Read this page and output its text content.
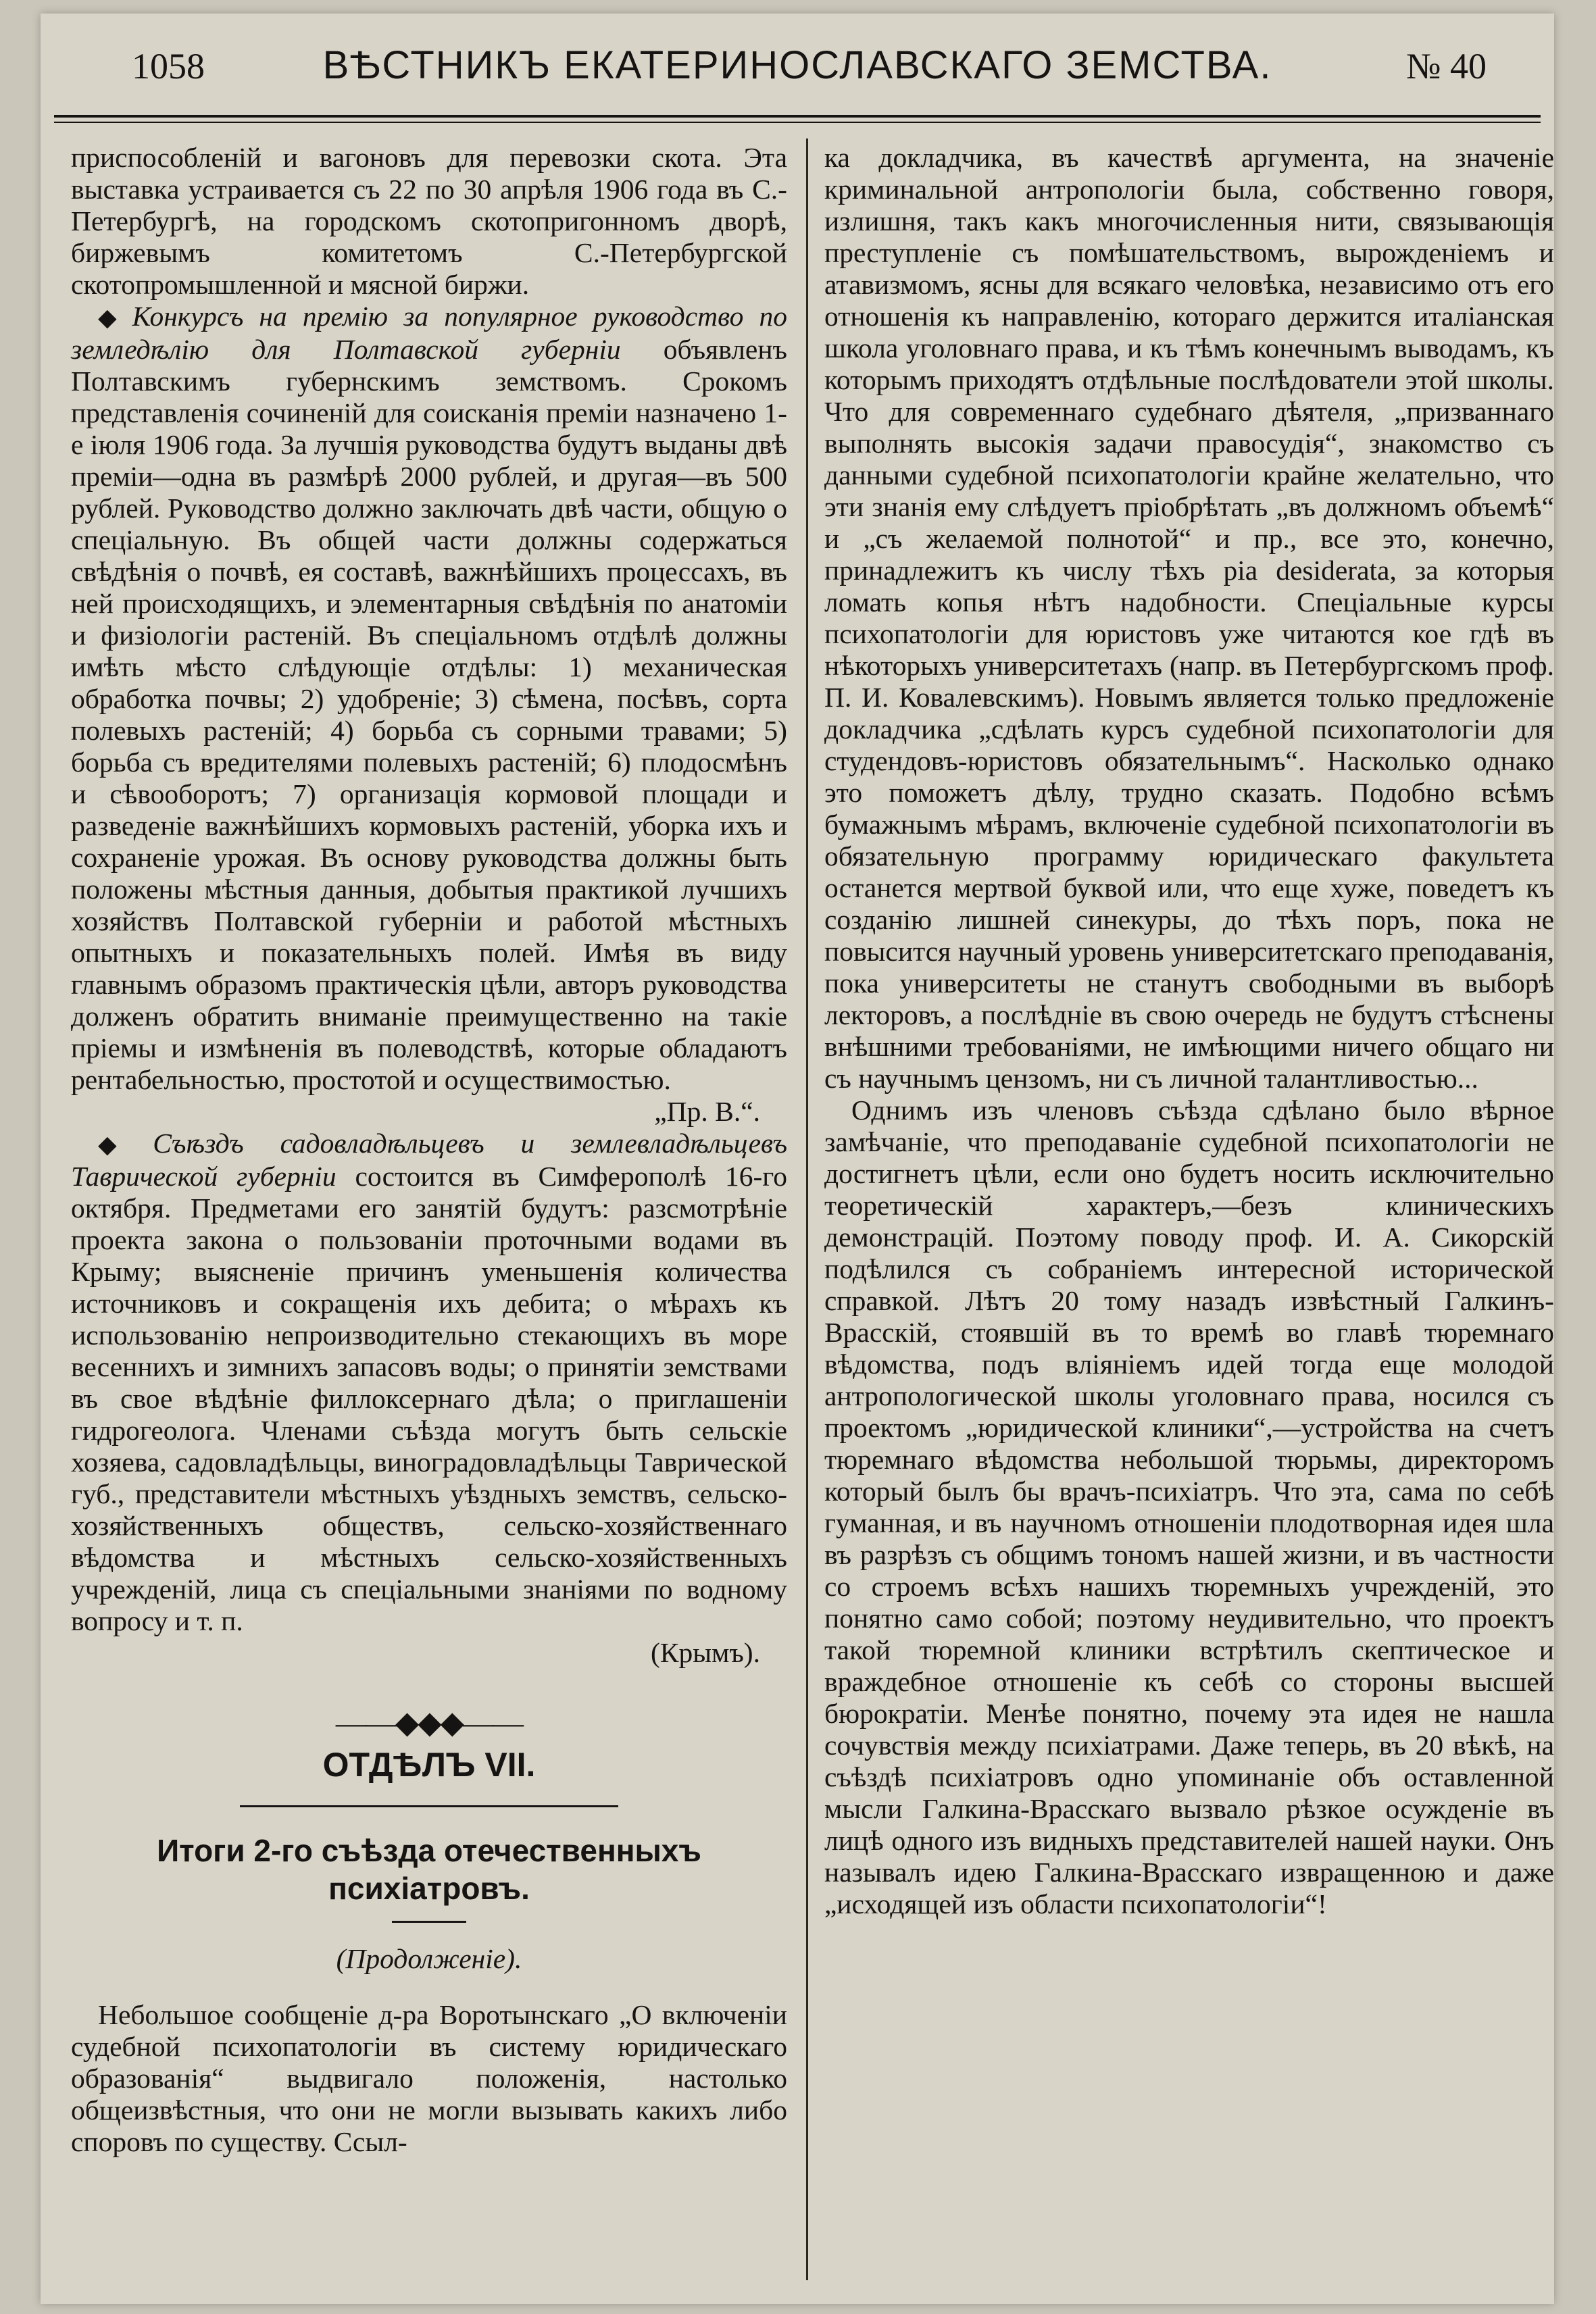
1058	ВѢСТНИКЪ ЕКАТЕРИНОСЛАВСКАГО ЗЕМСТВА.	№ 40

приспособленiй и вагоновъ для перевозки скота. Эта выставка устраивается съ 22 по 30 апрѣля 1906 года въ С.-Петербургѣ, на городскомъ скотопригонномъ дворѣ, биржевымъ комитетомъ С.-Петербургской скотопромышленной и мясной биржи.

◆ Конкурсъ на премiю за популярное руководство по земледѣлiю для Полтавской губернiи объявленъ Полтавскимъ губернскимъ земствомъ. Срокомъ представленiя сочиненiй для соисканiя премiи назначено 1-е iюля 1906 года. За лучшiя руководства будутъ выданы двѣ премiи—одна въ размѣрѣ 2000 рублей, и другая—въ 500 рублей. Руководство должно заключать двѣ части, общую о спецiальную. Въ общей части должны содержаться свѣдѣнiя о почвѣ, ея составѣ, важнѣйшихъ процессахъ, въ ней происходящихъ, и элементарныя свѣдѣнiя по анатомiи и физiологiи растенiй. Въ спецiальномъ отдѣлѣ должны имѣть мѣсто слѣдующiе отдѣлы: 1) механическая обработка почвы; 2) удобренiе; 3) сѣмена, посѣвъ, сорта полевыхъ растенiй; 4) борьба съ сорными травами; 5) борьба съ вредителями полевыхъ растенiй; 6) плодосмѣнъ и сѣвооборотъ; 7) организацiя кормовой площади и разведенiе важнѣйшихъ кормовыхъ растенiй, уборка ихъ и сохраненiе урожая. Въ основу руководства должны быть положены мѣстныя данныя, добытыя практикой лучшихъ хозяйствъ Полтавской губернiи и работой мѣстныхъ опытныхъ и показательныхъ полей. Имѣя въ виду главнымъ образомъ практическiя цѣли, авторъ руководства долженъ обратить вниманiе преимущественно на такiе прiемы и измѣненiя въ полеводствѣ, которые обладаютъ рентабельностью, простотой и осуществимостью.
„Пр. В.“.

◆ Съѣздъ садовладѣльцевъ и землевладѣльцевъ Таврической губернiи состоится въ Симферополѣ 16-го октября. Предметами его занятiй будутъ: разсмотрѣнiе проекта закона о пользованiи проточными водами въ Крыму; выясненiе причинъ уменьшенiя количества источниковъ и сокращенiя ихъ дебита; о мѣрахъ къ использованiю непроизводительно стекающихъ въ море весеннихъ и зимнихъ запасовъ воды; о принятiи земствами въ свое вѣдѣнiе филлоксернаго дѣла; о приглашенiи гидрогеолога. Членами съѣзда могутъ быть сельскiе хозяева, садовладѣльцы, виноградовладѣльцы Таврической губ., представители мѣстныхъ уѣздныхъ земствъ, сельско-хозяйственныхъ обществъ, сельско-хозяйственнаго вѣдомства и мѣстныхъ сельско-хозяйственныхъ учрежденiй, лица съ спецiальными знанiями по водному вопросу и т. п.
(Крымъ).

——◆◆◆——
ОТДѢЛЪ VII.
Итоги 2-го съѣзда отечественныхъ психiатровъ.
(Продолженiе).

Небольшое сообщенiе д-ра Воротынскаго „О включенiи судебной психопатологiи въ систему юридическаго образованiя“ выдвигало положенiя, настолько общеизвѣстныя, что они не могли вызывать какихъ либо споровъ по существу. Ссыл-

ка докладчика, въ качествѣ аргумента, на значенiе криминальной антропологiи была, собственно говоря, излишня, такъ какъ многочисленныя нити, связывающiя преступленiе съ помѣшательствомъ, вырожденiемъ и атавизмомъ, ясны для всякаго человѣка, независимо отъ его отношенiя къ направленiю, котораго держится италiанская школа уголовнаго права, и къ тѣмъ конечнымъ выводамъ, къ которымъ приходятъ отдѣльные послѣдователи этой школы. Что для современнаго судебнаго дѣятеля, „призваннаго выполнять высокiя задачи правосудiя“, знакомство съ данными судебной психопатологiи крайне желательно, что эти знанiя ему слѣдуетъ прiобрѣтать „въ должномъ объемѣ“ и „съ желаемой полнотой“ и пр., все это, конечно, принадлежитъ къ числу тѣхъ pia desiderata, за которыя ломать копья нѣтъ надобности. Спецiальные курсы психопатологiи для юристовъ уже читаются кое гдѣ въ нѣкоторыхъ университетахъ (напр. въ Петербургскомъ проф. П. И. Ковалевскимъ). Новымъ является только предложенiе докладчика „сдѣлать курсъ судебной психопатологiи для студендовъ-юристовъ обязательнымъ“. Насколько однако это поможетъ дѣлу, трудно сказать. Подобно всѣмъ бумажнымъ мѣрамъ, включенiе судебной психопатологiи въ обязательную программу юридическаго факультета останется мертвой буквой или, что еще хуже, поведетъ къ созданiю лишней синекуры, до тѣхъ поръ, пока не повысится научный уровень университетскаго преподаванiя, пока университеты не станутъ свободными въ выборѣ лекторовъ, а послѣднiе въ свою очередь не будутъ стѣснены внѣшними требованiями, не имѣющими ничего общаго ни съ научнымъ цензомъ, ни съ личной талантливостью...

Однимъ изъ членовъ съѣзда сдѣлано было вѣрное замѣчанiе, что преподаванiе судебной психопатологiи не достигнетъ цѣли, если оно будетъ носить исключительно теоретическiй характеръ,—безъ клиническихъ демонстрацiй. Поэтому поводу проф. И. А. Сикорскiй подѣлился съ собранiемъ интересной исторической справкой. Лѣтъ 20 тому назадъ извѣстный Галкинъ-Врасскiй, стоявшiй въ то времѣ во главѣ тюремнаго вѣдомства, подъ влiянiемъ идей тогда еще молодой антропологической школы уголовнаго права, носился съ проектомъ „юридической клиники“,—устройства на счетъ тюремнаго вѣдомства небольшой тюрьмы, директоромъ который былъ бы врачъ-психiатръ. Что эта, сама по себѣ гуманная, и въ научномъ отношенiи плодотворная идея шла въ разрѣзъ съ общимъ тономъ нашей жизни, и въ частности со строемъ всѣхъ нашихъ тюремныхъ учрежденiй, это понятно само собой; поэтому неудивительно, что проектъ такой тюремной клиники встрѣтилъ скептическое и враждебное отношенiе къ себѣ со стороны высшей бюрократiи. Менѣе понятно, почему эта идея не нашла сочувствiя между психiатрами. Даже теперь, въ 20 вѣкѣ, на съѣздѣ психiатровъ одно упоминанiе объ оставленной мысли Галкина-Врасскаго вызвало рѣзкое осужденiе въ лицѣ одного изъ видныхъ представителей нашей науки. Онъ называлъ идею Галкина-Врасскаго извращенною и даже „исходящей изъ области психопатологiи“!
